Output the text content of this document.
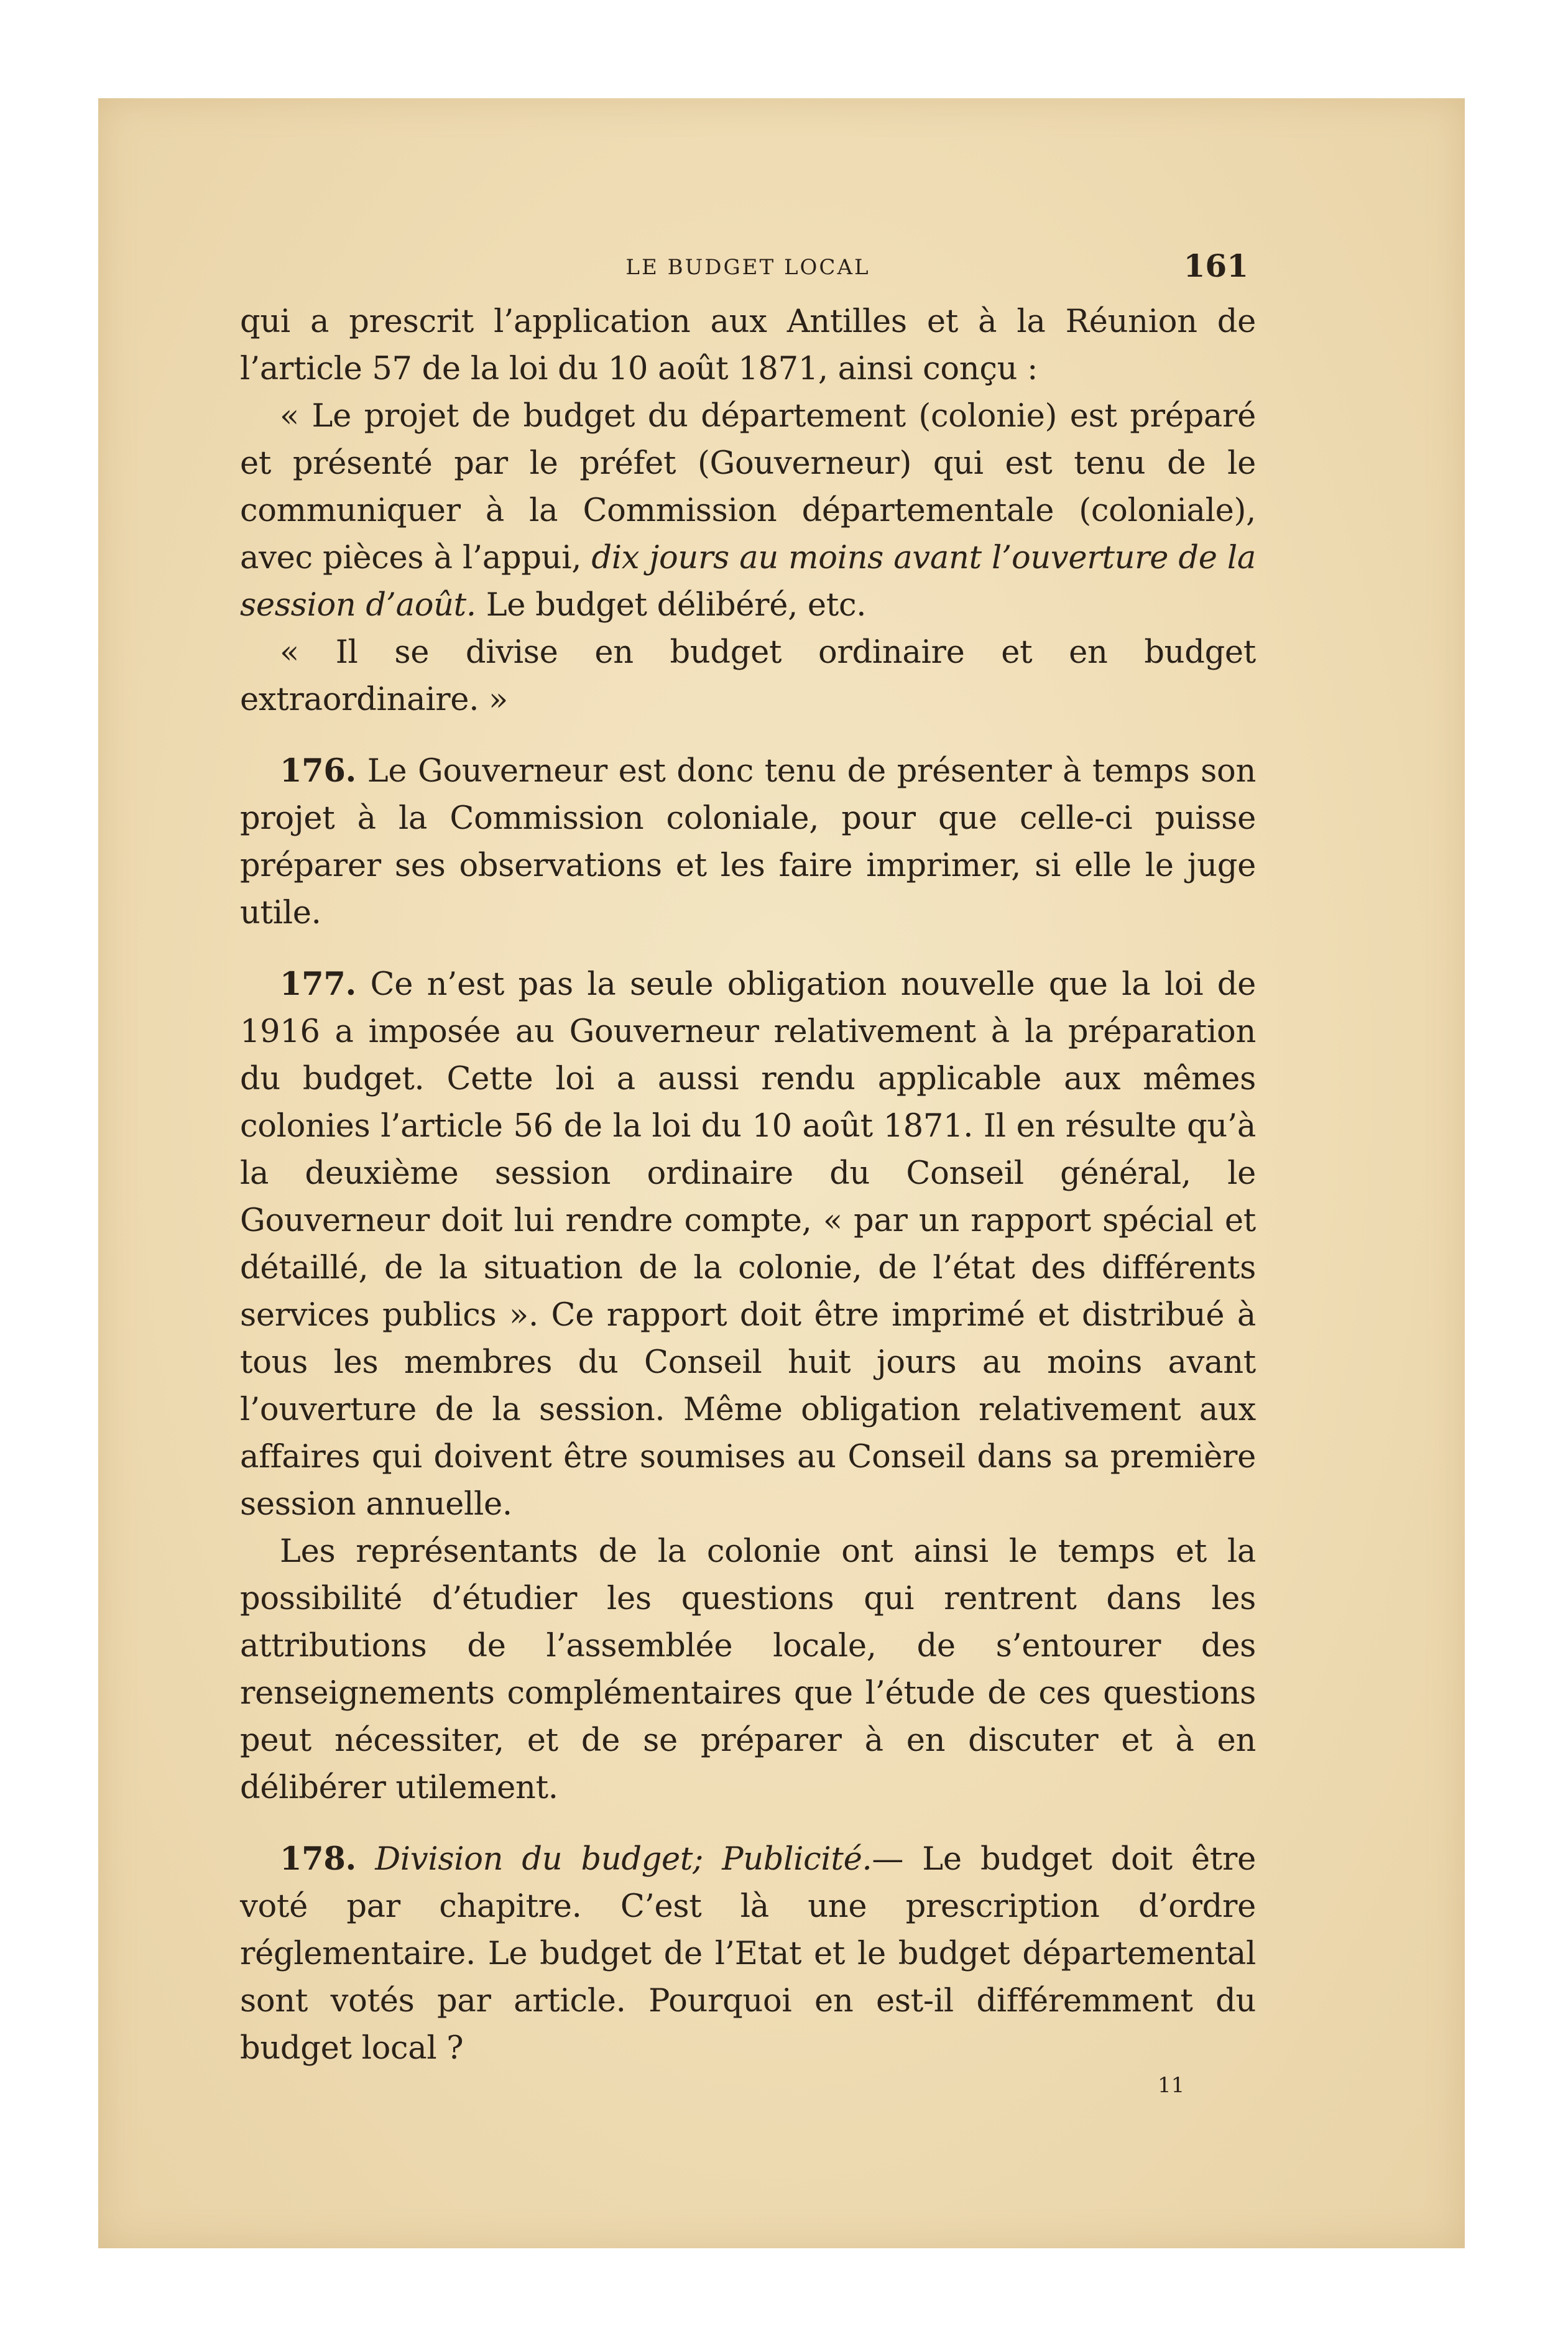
LE BUDGET LOCAL	161

qui a prescrit l’application aux Antilles et à la Réunion de l’article 57 de la loi du 10 août 1871, ainsi conçu :

« Le projet de budget du département (colonie) est préparé et présenté par le préfet (Gouverneur) qui est tenu de le communiquer à la Commission départementale (coloniale), avec pièces à l’appui, dix jours au moins avant l’ouverture de la session d’août. Le budget délibéré, etc.

« Il se divise en budget ordinaire et en budget extraordinaire. »

176. Le Gouverneur est donc tenu de présenter à temps son projet à la Commission coloniale, pour que celle-ci puisse préparer ses observations et les faire imprimer, si elle le juge utile.

177. Ce n’est pas la seule obligation nouvelle que la loi de 1916 a imposée au Gouverneur relativement à la préparation du budget. Cette loi a aussi rendu applicable aux mêmes colonies l’article 56 de la loi du 10 août 1871. Il en résulte qu’à la deuxième session ordinaire du Conseil général, le Gouverneur doit lui rendre compte, « par un rapport spécial et détaillé, de la situation de la colonie, de l’état des différents services publics ». Ce rapport doit être imprimé et distribué à tous les membres du Conseil huit jours au moins avant l’ouverture de la session. Même obligation relativement aux affaires qui doivent être soumises au Conseil dans sa première session annuelle.

Les représentants de la colonie ont ainsi le temps et la possibilité d’étudier les questions qui rentrent dans les attributions de l’assemblée locale, de s’entourer des renseignements complémentaires que l’étude de ces questions peut nécessiter, et de se préparer à en discuter et à en délibérer utilement.

178. Division du budget; Publicité.— Le budget doit être voté par chapitre. C’est là une prescription d’ordre réglementaire. Le budget de l’Etat et le budget départemental sont votés par article. Pourquoi en est-il différemment du budget local ?

11
